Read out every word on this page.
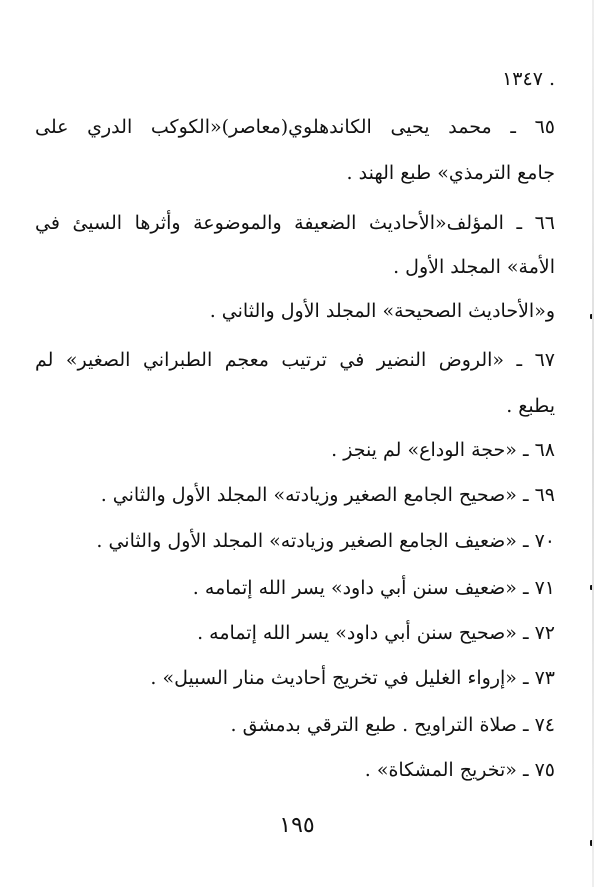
١٣٤٧ .
٦٥ ـ محمد يحيى الكاندهلوي(معاصر)«الكوكب الدري على
جامع الترمذي» طبع الهند .
٦٦ ـ المؤلف«الأحاديث الضعيفة والموضوعة وأثرها السيئ في
الأمة» المجلد الأول .
و«الأحاديث الصحيحة» المجلد الأول والثاني .
٦٧ ـ «الروض النضير في ترتيب معجم الطبراني الصغير» لم
يطبع .
٦٨ ـ «حجة الوداع» لم ينجز .
٦٩ ـ «صحيح الجامع الصغير وزيادته» المجلد الأول والثاني .
٧٠ ـ «ضعيف الجامع الصغير وزيادته» المجلد الأول والثاني .
٧١ ـ «ضعيف سنن أبي داود» يسر الله إتمامه .
٧٢ ـ «صحيح سنن أبي داود» يسر الله إتمامه .
٧٣ ـ «إرواء الغليل في تخريج أحاديث منار السبيل» .
٧٤ ـ صلاة التراويح . طبع الترقي بدمشق .
٧٥ ـ «تخريج المشكاة» .
١٩٥
